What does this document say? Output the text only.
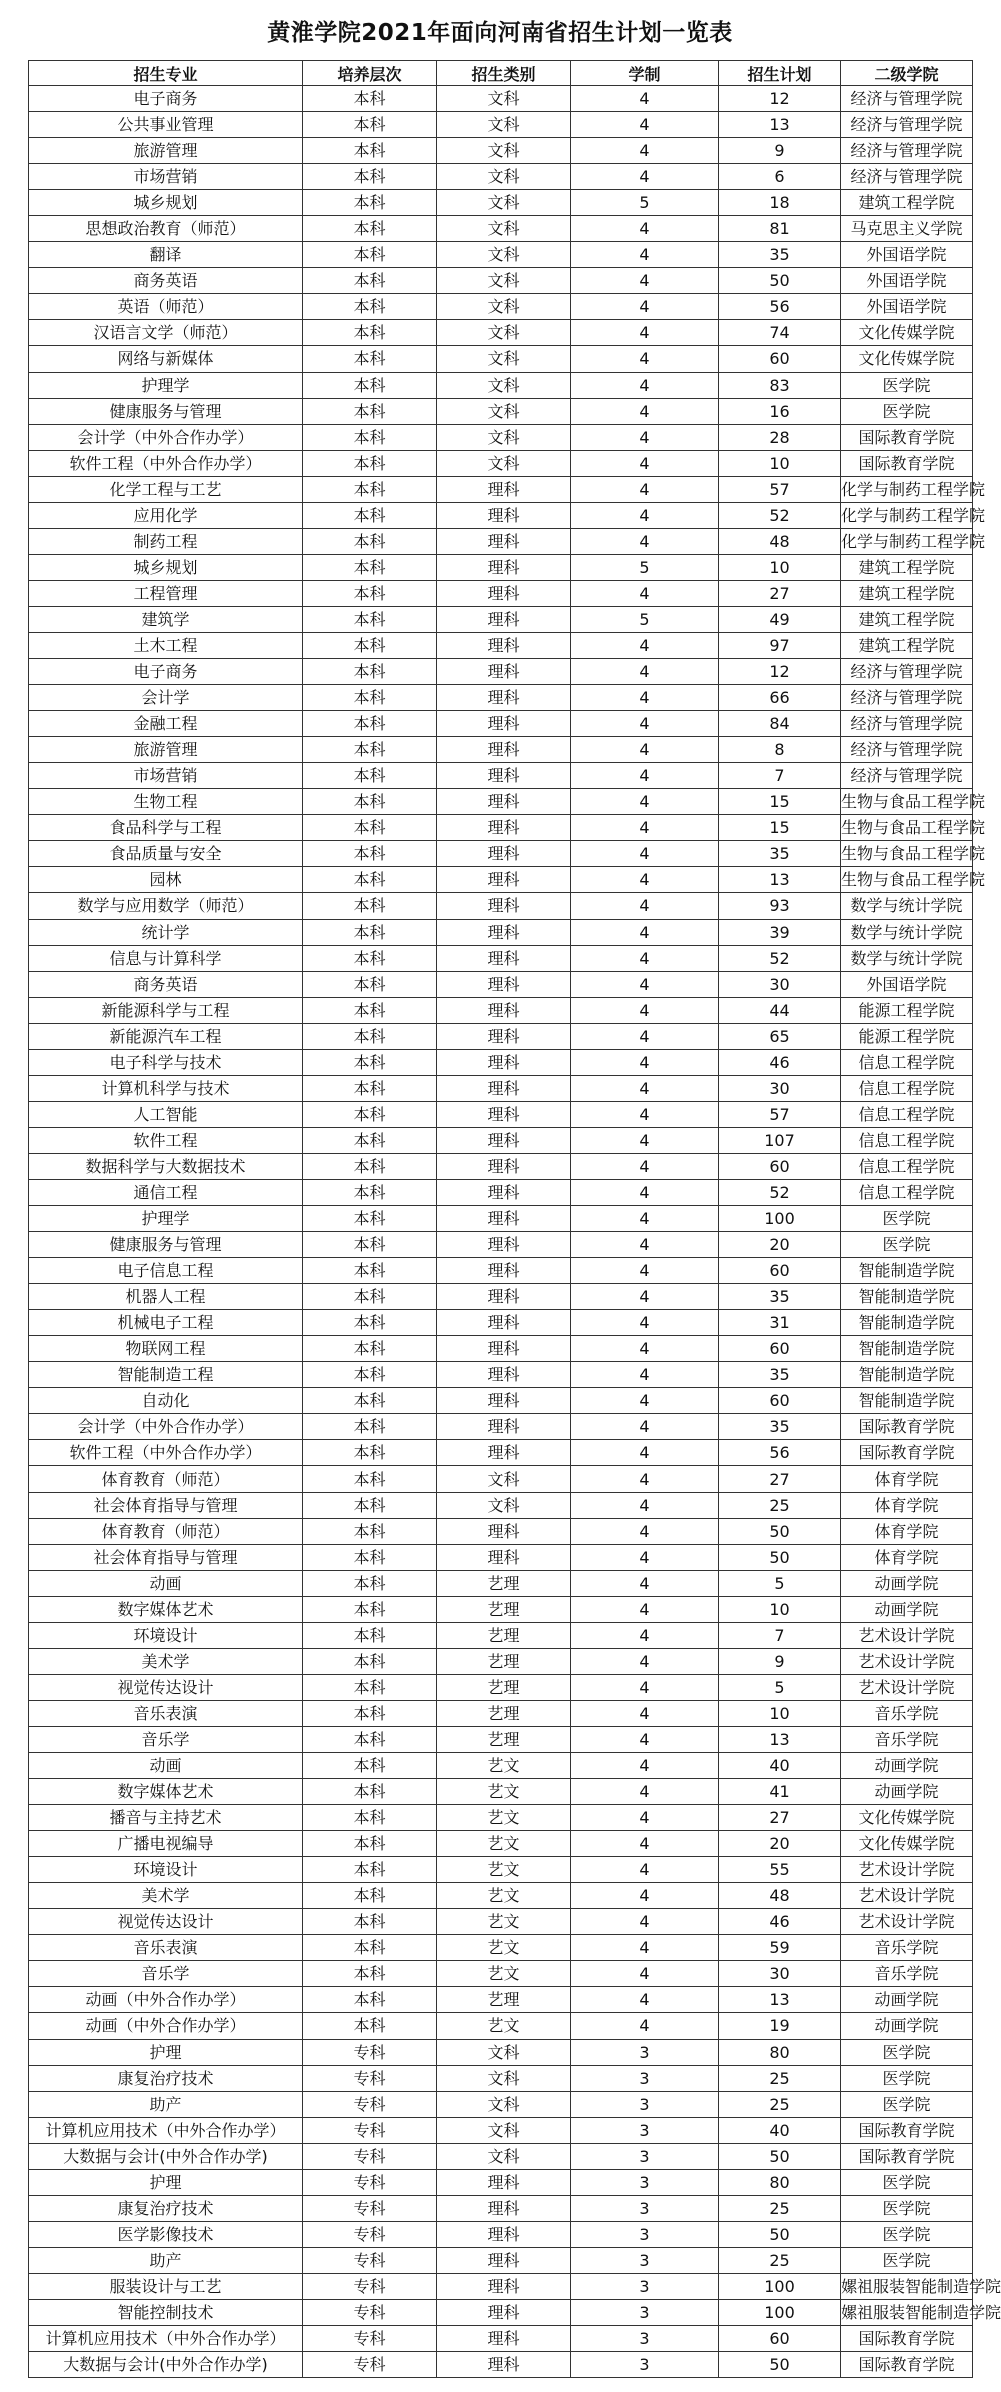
黄淮学院2021年面向河南省招生计划一览表
招生专业	培养层次	招生类别	学制	招生计划	二级学院
电子商务	本科	文科	4	12	经济与管理学院
公共事业管理	本科	文科	4	13	经济与管理学院
旅游管理	本科	文科	4	9	经济与管理学院
市场营销	本科	文科	4	6	经济与管理学院
城乡规划	本科	文科	5	18	建筑工程学院
思想政治教育（师范）	本科	文科	4	81	马克思主义学院
翻译	本科	文科	4	35	外国语学院
商务英语	本科	文科	4	50	外国语学院
英语（师范）	本科	文科	4	56	外国语学院
汉语言文学（师范）	本科	文科	4	74	文化传媒学院
网络与新媒体	本科	文科	4	60	文化传媒学院
护理学	本科	文科	4	83	医学院
健康服务与管理	本科	文科	4	16	医学院
会计学（中外合作办学）	本科	文科	4	28	国际教育学院
软件工程（中外合作办学）	本科	文科	4	10	国际教育学院
化学工程与工艺	本科	理科	4	57	化学与制药工程学院
应用化学	本科	理科	4	52	化学与制药工程学院
制药工程	本科	理科	4	48	化学与制药工程学院
城乡规划	本科	理科	5	10	建筑工程学院
工程管理	本科	理科	4	27	建筑工程学院
建筑学	本科	理科	5	49	建筑工程学院
土木工程	本科	理科	4	97	建筑工程学院
电子商务	本科	理科	4	12	经济与管理学院
会计学	本科	理科	4	66	经济与管理学院
金融工程	本科	理科	4	84	经济与管理学院
旅游管理	本科	理科	4	8	经济与管理学院
市场营销	本科	理科	4	7	经济与管理学院
生物工程	本科	理科	4	15	生物与食品工程学院
食品科学与工程	本科	理科	4	15	生物与食品工程学院
食品质量与安全	本科	理科	4	35	生物与食品工程学院
园林	本科	理科	4	13	生物与食品工程学院
数学与应用数学（师范）	本科	理科	4	93	数学与统计学院
统计学	本科	理科	4	39	数学与统计学院
信息与计算科学	本科	理科	4	52	数学与统计学院
商务英语	本科	理科	4	30	外国语学院
新能源科学与工程	本科	理科	4	44	能源工程学院
新能源汽车工程	本科	理科	4	65	能源工程学院
电子科学与技术	本科	理科	4	46	信息工程学院
计算机科学与技术	本科	理科	4	30	信息工程学院
人工智能	本科	理科	4	57	信息工程学院
软件工程	本科	理科	4	107	信息工程学院
数据科学与大数据技术	本科	理科	4	60	信息工程学院
通信工程	本科	理科	4	52	信息工程学院
护理学	本科	理科	4	100	医学院
健康服务与管理	本科	理科	4	20	医学院
电子信息工程	本科	理科	4	60	智能制造学院
机器人工程	本科	理科	4	35	智能制造学院
机械电子工程	本科	理科	4	31	智能制造学院
物联网工程	本科	理科	4	60	智能制造学院
智能制造工程	本科	理科	4	35	智能制造学院
自动化	本科	理科	4	60	智能制造学院
会计学（中外合作办学）	本科	理科	4	35	国际教育学院
软件工程（中外合作办学）	本科	理科	4	56	国际教育学院
体育教育（师范）	本科	文科	4	27	体育学院
社会体育指导与管理	本科	文科	4	25	体育学院
体育教育（师范）	本科	理科	4	50	体育学院
社会体育指导与管理	本科	理科	4	50	体育学院
动画	本科	艺理	4	5	动画学院
数字媒体艺术	本科	艺理	4	10	动画学院
环境设计	本科	艺理	4	7	艺术设计学院
美术学	本科	艺理	4	9	艺术设计学院
视觉传达设计	本科	艺理	4	5	艺术设计学院
音乐表演	本科	艺理	4	10	音乐学院
音乐学	本科	艺理	4	13	音乐学院
动画	本科	艺文	4	40	动画学院
数字媒体艺术	本科	艺文	4	41	动画学院
播音与主持艺术	本科	艺文	4	27	文化传媒学院
广播电视编导	本科	艺文	4	20	文化传媒学院
环境设计	本科	艺文	4	55	艺术设计学院
美术学	本科	艺文	4	48	艺术设计学院
视觉传达设计	本科	艺文	4	46	艺术设计学院
音乐表演	本科	艺文	4	59	音乐学院
音乐学	本科	艺文	4	30	音乐学院
动画（中外合作办学）	本科	艺理	4	13	动画学院
动画（中外合作办学）	本科	艺文	4	19	动画学院
护理	专科	文科	3	80	医学院
康复治疗技术	专科	文科	3	25	医学院
助产	专科	文科	3	25	医学院
计算机应用技术（中外合作办学）	专科	文科	3	40	国际教育学院
大数据与会计(中外合作办学)	专科	文科	3	50	国际教育学院
护理	专科	理科	3	80	医学院
康复治疗技术	专科	理科	3	25	医学院
医学影像技术	专科	理科	3	50	医学院
助产	专科	理科	3	25	医学院
服装设计与工艺	专科	理科	3	100	嫘祖服装智能制造学院
智能控制技术	专科	理科	3	100	嫘祖服装智能制造学院
计算机应用技术（中外合作办学）	专科	理科	3	60	国际教育学院
大数据与会计(中外合作办学)	专科	理科	3	50	国际教育学院
